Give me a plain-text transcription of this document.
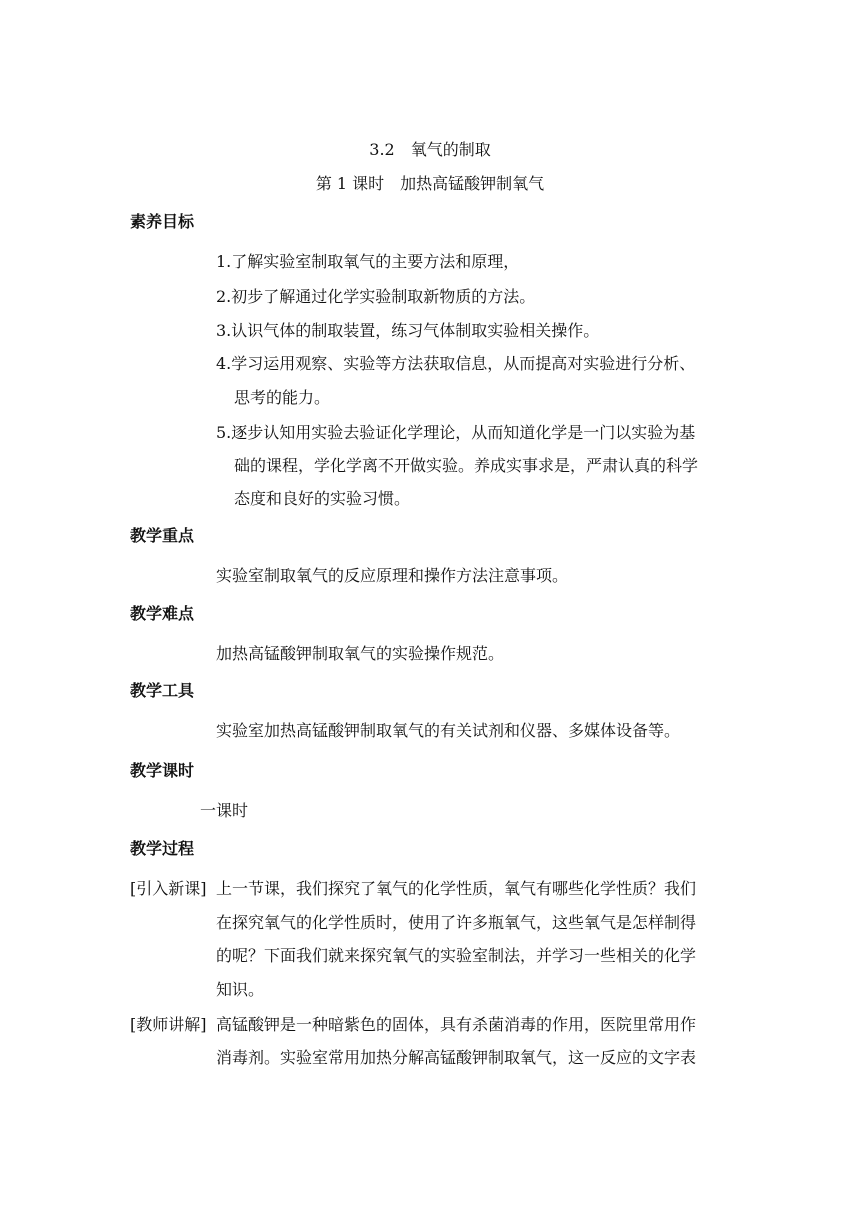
3.2　氧气的制取
第 1 课时　加热高锰酸钾制氧气
素养目标
1.了解实验室制取氧气的主要方法和原理，
2.初步了解通过化学实验制取新物质的方法。
3.认识气体的制取装置，练习气体制取实验相关操作。
4.学习运用观察、实验等方法获取信息，从而提高对实验进行分析、
思考的能力。
5.逐步认知用实验去验证化学理论，从而知道化学是一门以实验为基
础的课程，学化学离不开做实验。养成实事求是，严肃认真的科学
态度和良好的实验习惯。
教学重点
实验室制取氧气的反应原理和操作方法注意事项。
教学难点
加热高锰酸钾制取氧气的实验操作规范。
教学工具
实验室加热高锰酸钾制取氧气的有关试剂和仪器、多媒体设备等。
教学课时
一课时
教学过程
[引入新课] 上一节课，我们探究了氧气的化学性质，氧气有哪些化学性质？我们
在探究氧气的化学性质时，使用了许多瓶氧气，这些氧气是怎样制得
的呢？下面我们就来探究氧气的实验室制法，并学习一些相关的化学
知识。
[教师讲解] 高锰酸钾是一种暗紫色的固体，具有杀菌消毒的作用，医院里常用作
消毒剂。实验室常用加热分解高锰酸钾制取氧气，这一反应的文字表
